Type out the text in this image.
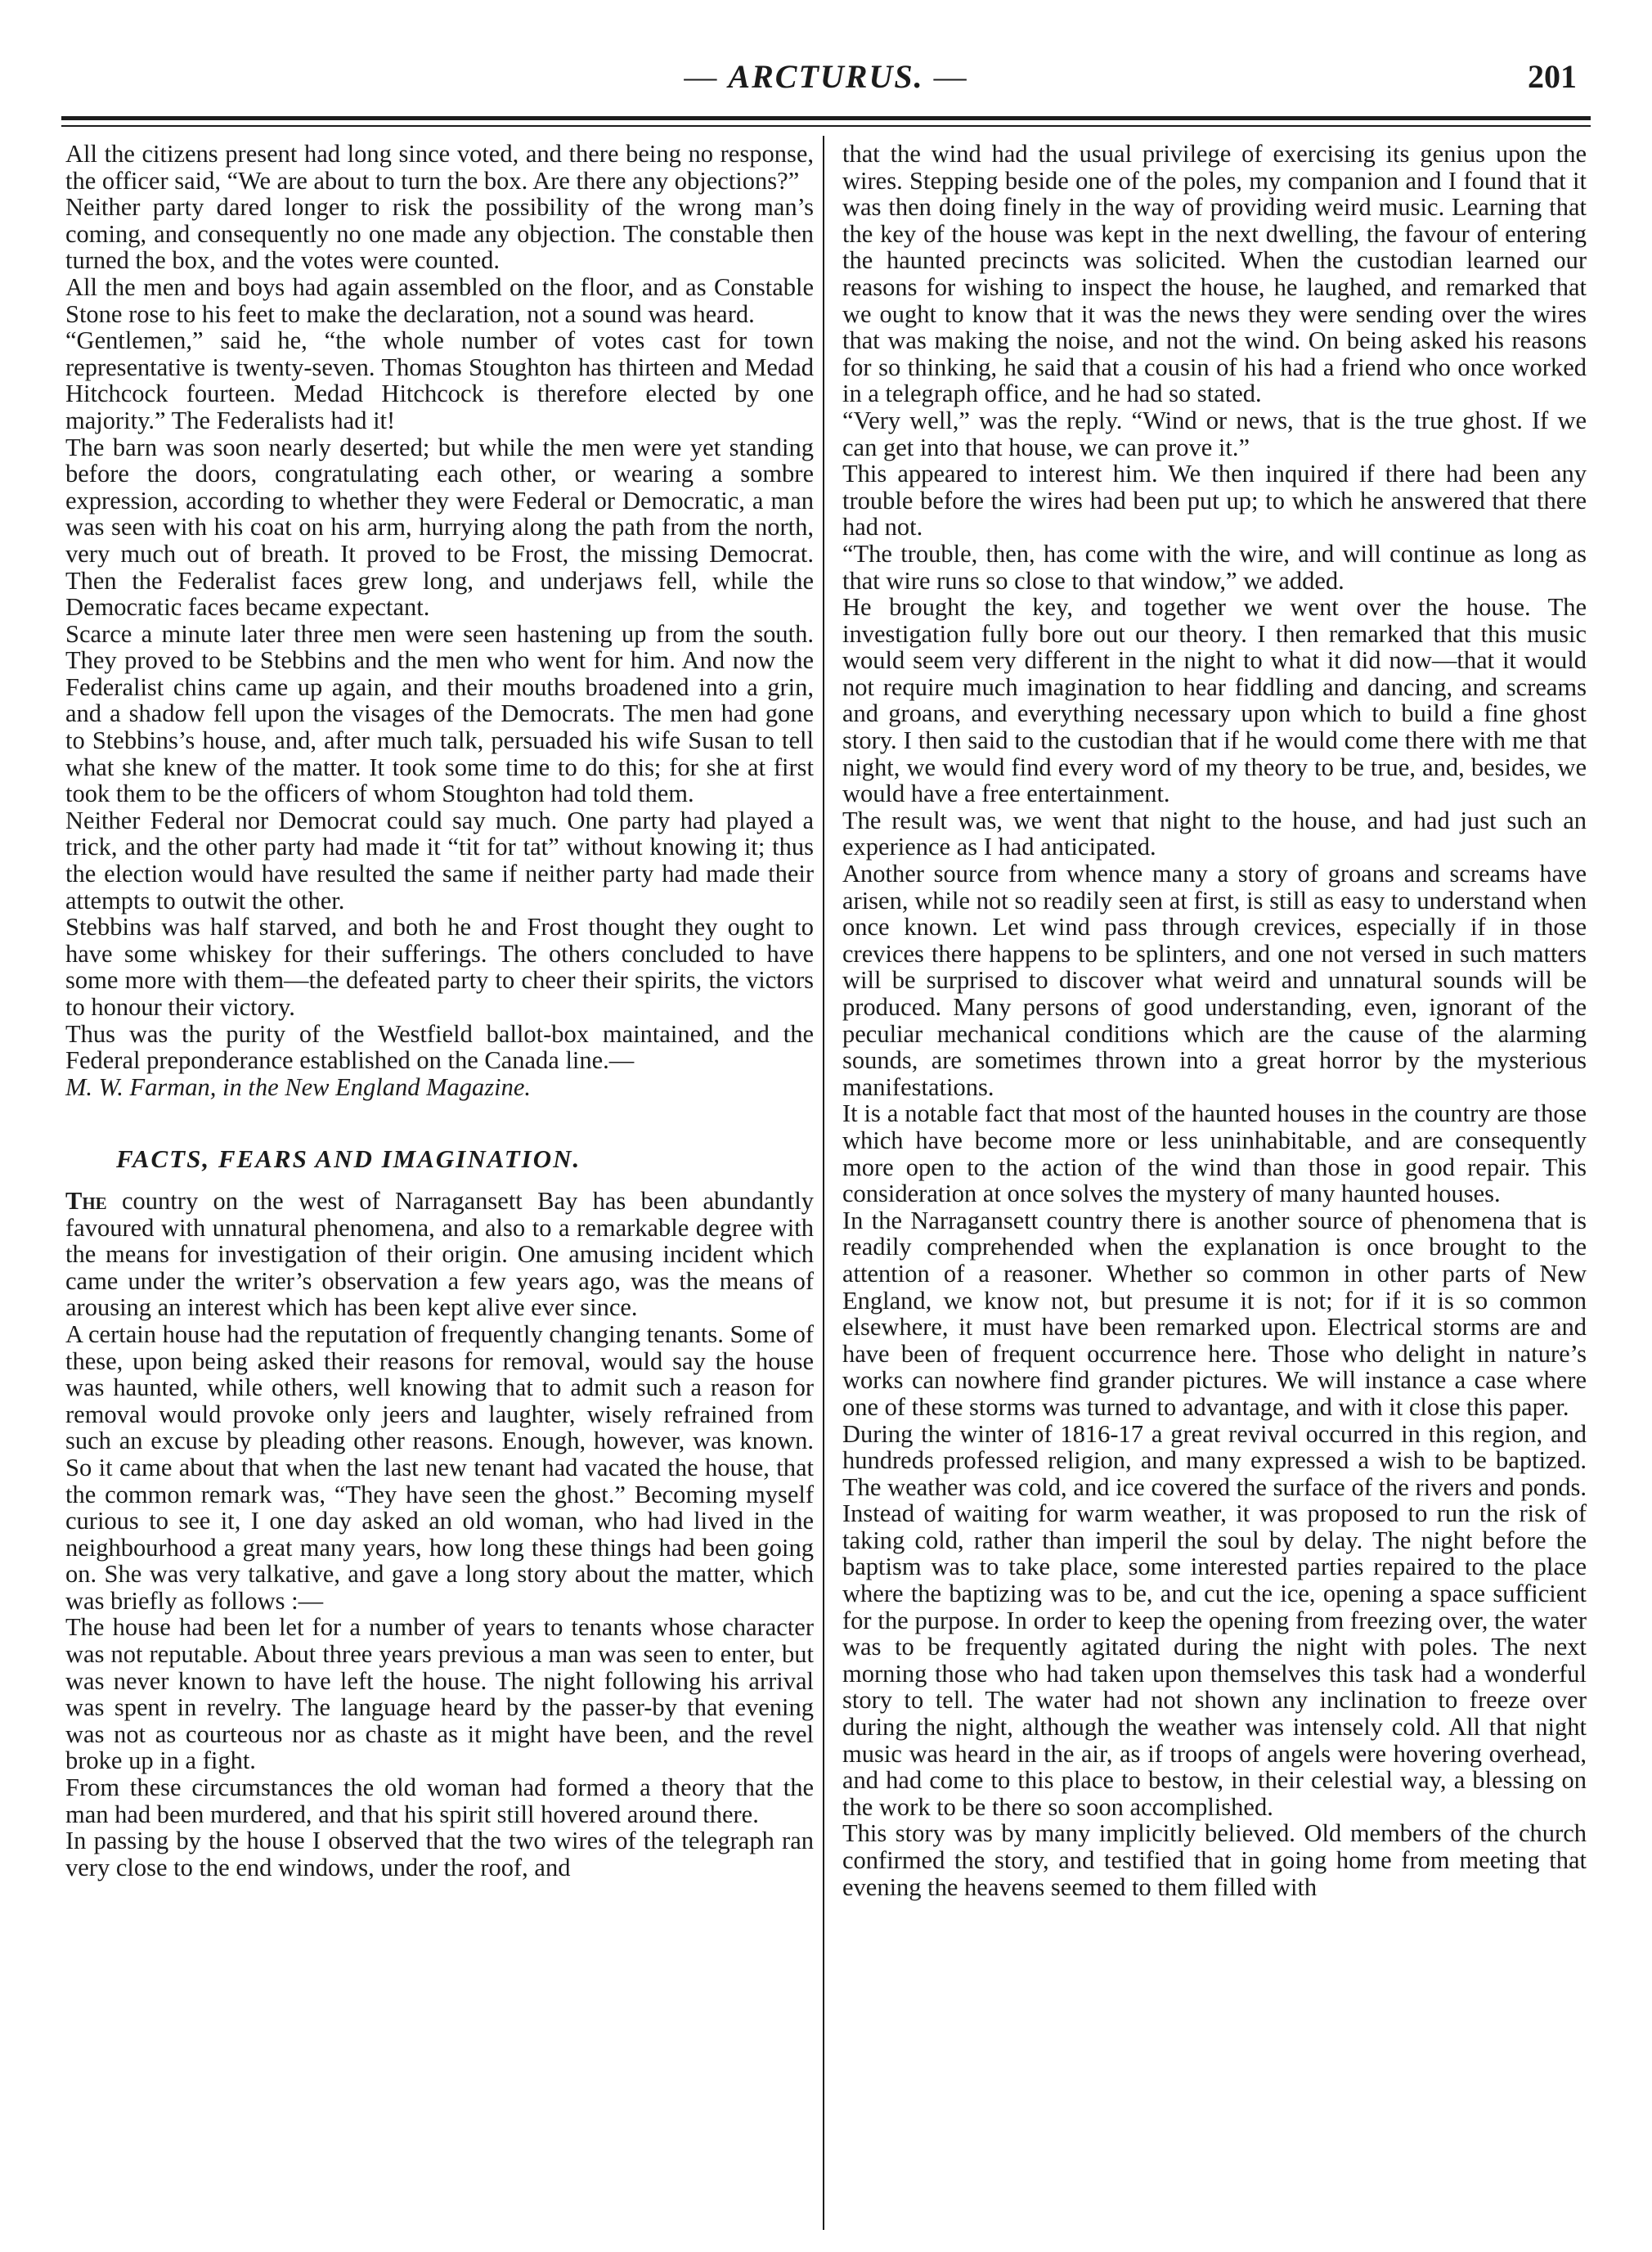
— ARCTURUS. —	201

All the citizens present had long since voted, and there being no response, the officer said, “We are about to turn the box. Are there any objections?”

Neither party dared longer to risk the possibility of the wrong man’s coming, and consequently no one made any objection. The constable then turned the box, and the votes were counted.

All the men and boys had again assembled on the floor, and as Constable Stone rose to his feet to make the declaration, not a sound was heard.

“Gentlemen,” said he, “the whole number of votes cast for town representative is twenty-seven. Thomas Stoughton has thirteen and Medad Hitchcock fourteen. Medad Hitchcock is therefore elected by one majority.” The Federalists had it!

The barn was soon nearly deserted; but while the men were yet standing before the doors, congratulating each other, or wearing a sombre expression, according to whether they were Federal or Democratic, a man was seen with his coat on his arm, hurrying along the path from the north, very much out of breath. It proved to be Frost, the missing Democrat. Then the Federalist faces grew long, and underjaws fell, while the Democratic faces became expectant.

Scarce a minute later three men were seen hastening up from the south. They proved to be Stebbins and the men who went for him. And now the Federalist chins came up again, and their mouths broadened into a grin, and a shadow fell upon the visages of the Democrats. The men had gone to Stebbins’s house, and, after much talk, persuaded his wife Susan to tell what she knew of the matter. It took some time to do this; for she at first took them to be the officers of whom Stoughton had told them.

Neither Federal nor Democrat could say much. One party had played a trick, and the other party had made it “tit for tat” without knowing it; thus the election would have resulted the same if neither party had made their attempts to outwit the other.

Stebbins was half starved, and both he and Frost thought they ought to have some whiskey for their sufferings. The others concluded to have some more with them—the defeated party to cheer their spirits, the victors to honour their victory.

Thus was the purity of the Westfield ballot-box maintained, and the Federal preponderance established on the Canada line.—

M. W. Farman, in the New England Magazine.

FACTS, FEARS AND IMAGINATION.

The country on the west of Narragansett Bay has been abundantly favoured with unnatural phenomena, and also to a remarkable degree with the means for investigation of their origin. One amusing incident which came under the writer’s observation a few years ago, was the means of arousing an interest which has been kept alive ever since.

A certain house had the reputation of frequently changing tenants. Some of these, upon being asked their reasons for removal, would say the house was haunted, while others, well knowing that to admit such a reason for removal would provoke only jeers and laughter, wisely refrained from such an excuse by pleading other reasons. Enough, however, was known. So it came about that when the last new tenant had vacated the house, that the common remark was, “They have seen the ghost.” Becoming myself curious to see it, I one day asked an old woman, who had lived in the neighbourhood a great many years, how long these things had been going on. She was very talkative, and gave a long story about the matter, which was briefly as follows :—

The house had been let for a number of years to tenants whose character was not reputable. About three years previous a man was seen to enter, but was never known to have left the house. The night following his arrival was spent in revelry. The language heard by the passer-by that evening was not as courteous nor as chaste as it might have been, and the revel broke up in a fight.

From these circumstances the old woman had formed a theory that the man had been murdered, and that his spirit still hovered around there.

In passing by the house I observed that the two wires of the telegraph ran very close to the end windows, under the roof, and

that the wind had the usual privilege of exercising its genius upon the wires. Stepping beside one of the poles, my companion and I found that it was then doing finely in the way of providing weird music. Learning that the key of the house was kept in the next dwelling, the favour of entering the haunted precincts was solicited. When the custodian learned our reasons for wishing to inspect the house, he laughed, and remarked that we ought to know that it was the news they were sending over the wires that was making the noise, and not the wind. On being asked his reasons for so thinking, he said that a cousin of his had a friend who once worked in a telegraph office, and he had so stated.

“Very well,” was the reply. “Wind or news, that is the true ghost. If we can get into that house, we can prove it.”

This appeared to interest him. We then inquired if there had been any trouble before the wires had been put up; to which he answered that there had not.

“The trouble, then, has come with the wire, and will continue as long as that wire runs so close to that window,” we added.

He brought the key, and together we went over the house. The investigation fully bore out our theory. I then remarked that this music would seem very different in the night to what it did now—that it would not require much imagination to hear fiddling and dancing, and screams and groans, and everything necessary upon which to build a fine ghost story. I then said to the custodian that if he would come there with me that night, we would find every word of my theory to be true, and, besides, we would have a free entertainment.

The result was, we went that night to the house, and had just such an experience as I had anticipated.

Another source from whence many a story of groans and screams have arisen, while not so readily seen at first, is still as easy to understand when once known. Let wind pass through crevices, especially if in those crevices there happens to be splinters, and one not versed in such matters will be surprised to discover what weird and unnatural sounds will be produced. Many persons of good understanding, even, ignorant of the peculiar mechanical conditions which are the cause of the alarming sounds, are sometimes thrown into a great horror by the mysterious manifestations.

It is a notable fact that most of the haunted houses in the country are those which have become more or less uninhabitable, and are consequently more open to the action of the wind than those in good repair. This consideration at once solves the mystery of many haunted houses.

In the Narragansett country there is another source of phenomena that is readily comprehended when the explanation is once brought to the attention of a reasoner. Whether so common in other parts of New England, we know not, but presume it is not; for if it is so common elsewhere, it must have been remarked upon. Electrical storms are and have been of frequent occurrence here. Those who delight in nature’s works can nowhere find grander pictures. We will instance a case where one of these storms was turned to advantage, and with it close this paper.

During the winter of 1816-17 a great revival occurred in this region, and hundreds professed religion, and many expressed a wish to be baptized. The weather was cold, and ice covered the surface of the rivers and ponds. Instead of waiting for warm weather, it was proposed to run the risk of taking cold, rather than imperil the soul by delay. The night before the baptism was to take place, some interested parties repaired to the place where the baptizing was to be, and cut the ice, opening a space sufficient for the purpose. In order to keep the opening from freezing over, the water was to be frequently agitated during the night with poles. The next morning those who had taken upon themselves this task had a wonderful story to tell. The water had not shown any inclination to freeze over during the night, although the weather was intensely cold. All that night music was heard in the air, as if troops of angels were hovering overhead, and had come to this place to bestow, in their celestial way, a blessing on the work to be there so soon accomplished.

This story was by many implicitly believed. Old members of the church confirmed the story, and testified that in going home from meeting that evening the heavens seemed to them filled with
